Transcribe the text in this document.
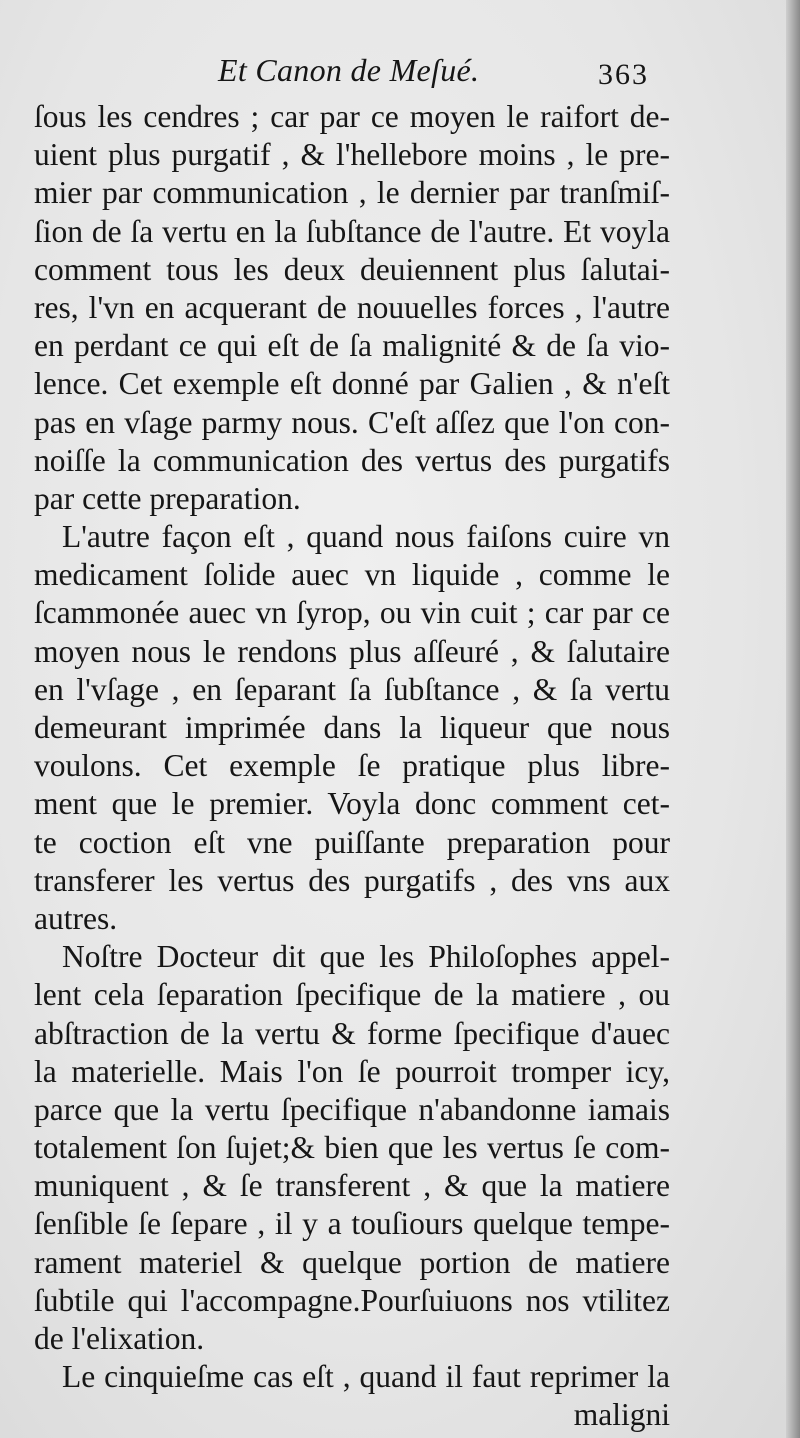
Et Canon de Meſué.	363
ſous les cendres ; car par ce moyen le raifort de-
uient plus purgatif , & l'hellebore moins , le pre-
mier par communication , le dernier par tranſmiſ-
ſion de ſa vertu en la ſubſtance de l'autre. Et voyla
comment tous les deux deuiennent plus ſalutai-
res, l'vn en acquerant de nouuelles forces , l'autre
en perdant ce qui eſt de ſa malignité & de ſa vio-
lence. Cet exemple eſt donné par Galien , & n'eſt
pas en vſage parmy nous. C'eſt aſſez que l'on con-
noiſſe la communication des vertus des purgatifs
par cette preparation.
L'autre façon eſt , quand nous faiſons cuire vn
medicament ſolide auec vn liquide , comme le
ſcammonée auec vn ſyrop, ou vin cuit ; car par ce
moyen nous le rendons plus aſſeuré , & ſalutaire
en l'vſage , en ſeparant ſa ſubſtance , & ſa vertu
demeurant imprimée dans la liqueur que nous
voulons. Cet exemple ſe pratique plus libre-
ment que le premier. Voyla donc comment cet-
te coction eſt vne puiſſante preparation pour
transferer les vertus des purgatifs , des vns aux
autres.
Noſtre Docteur dit que les Philoſophes appel-
lent cela ſeparation ſpecifique de la matiere , ou
abſtraction de la vertu & forme ſpecifique d'auec
la materielle. Mais l'on ſe pourroit tromper icy,
parce que la vertu ſpecifique n'abandonne iamais
totalement ſon ſujet;& bien que les vertus ſe com-
muniquent , & ſe transferent , & que la matiere
ſenſible ſe ſepare , il y a touſiours quelque tempe-
rament materiel & quelque portion de matiere
ſubtile qui l'accompagne.Pourſuiuons nos vtilitez
de l'elixation.
Le cinquieſme cas eſt , quand il faut reprimer la
maligni
